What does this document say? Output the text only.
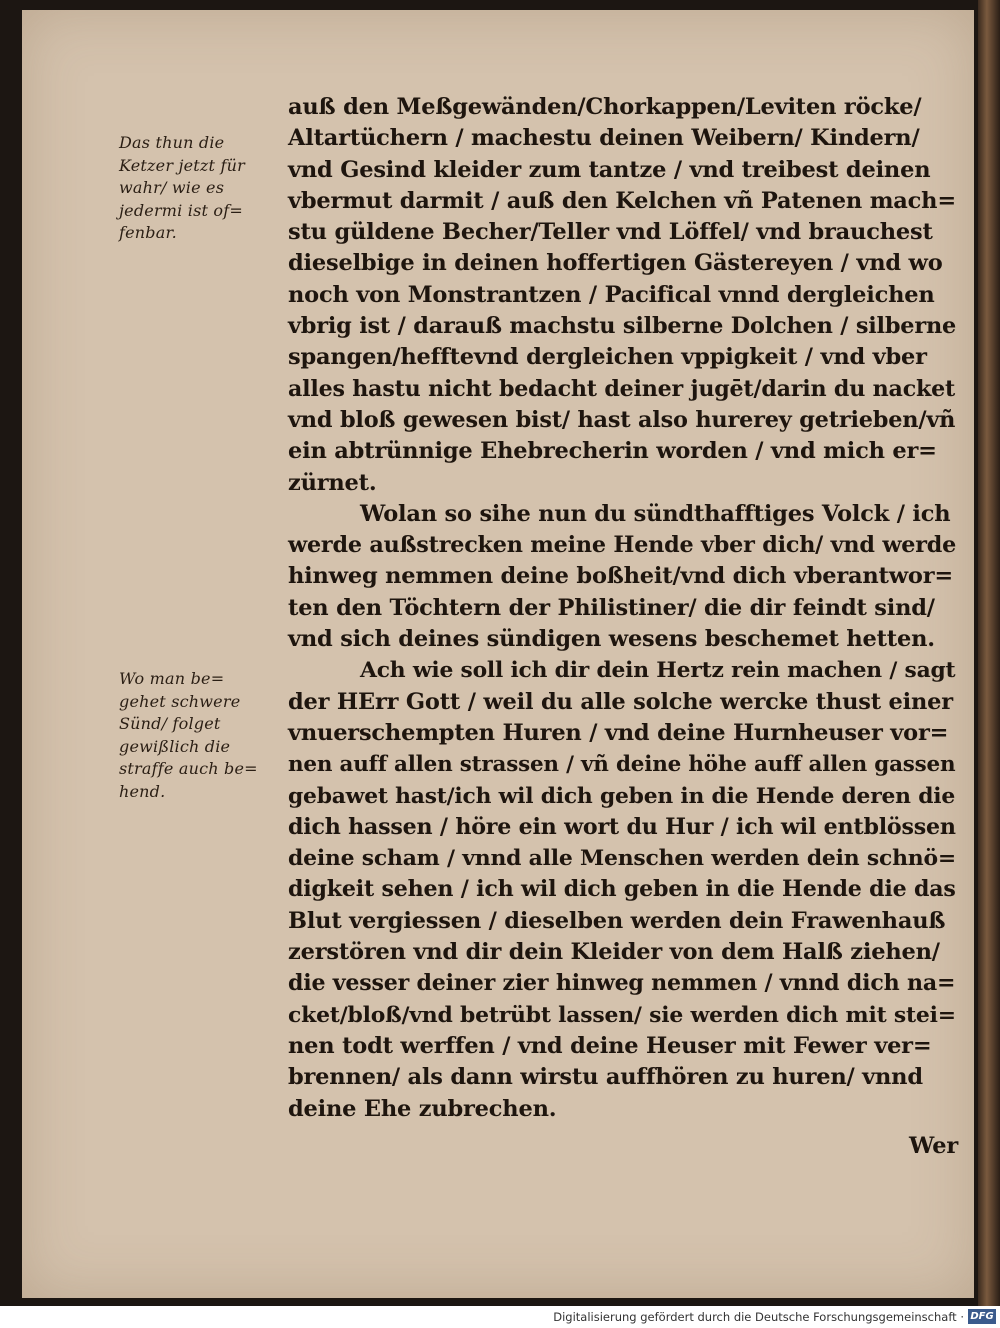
Das thun die
Ketzer jetzt für
wahr/ wie es
jedermi ist of=
fenbar.
Wo man be=
gehet schwere
Sünd/ folget
gewißlich die
straffe auch be=
hend.
auß den Meßgewänden/Chorkappen/Leviten röcke/
Altartüchern / machestu deinen Weibern/ Kindern/
vnd Gesind kleider zum tantze / vnd treibest deinen
vbermut darmit / auß den Kelchen vñ Patenen mach=
stu güldene Becher/Teller vnd Löffel/ vnd brauchest
dieselbige in deinen hoffertigen Gästereyen / vnd wo
noch von Monstrantzen / Pacifical vnnd dergleichen
vbrig ist / darauß machstu silberne Dolchen / silberne
spangen/hefftevnd dergleichen vppigkeit / vnd vber
alles hastu nicht bedacht deiner jugēt/darin du nacket
vnd bloß gewesen bist/ hast also hurerey getrieben/vñ
ein abtrünnige Ehebrecherin worden / vnd mich er=
zürnet.
Wolan so sihe nun du sündthafftiges Volck / ich
werde außstrecken meine Hende vber dich/ vnd werde
hinweg nemmen deine boßheit/vnd dich vberantwor=
ten den Töchtern der Philistiner/ die dir feindt sind/
vnd sich deines sündigen wesens beschemet hetten.
Ach wie soll ich dir dein Hertz rein machen / sagt
der HErr Gott / weil du alle solche wercke thust einer
vnuerschempten Huren / vnd deine Hurnheuser vor=
nen auff allen strassen / vñ deine höhe auff allen gassen
gebawet hast/ich wil dich geben in die Hende deren die
dich hassen / höre ein wort du Hur / ich wil entblössen
deine scham / vnnd alle Menschen werden dein schnö=
digkeit sehen / ich wil dich geben in die Hende die das
Blut vergiessen / dieselben werden dein Frawenhauß
zerstören vnd dir dein Kleider von dem Halß ziehen/
die vesser deiner zier hinweg nemmen / vnnd dich na=
cket/bloß/vnd betrübt lassen/ sie werden dich mit stei=
nen todt werffen / vnd deine Heuser mit Fewer ver=
brennen/ als dann wirstu auffhören zu huren/ vnnd
deine Ehe zubrechen.
Wer
Digitalisierung gefördert durch die Deutsche Forschungsgemeinschaft · DFG
